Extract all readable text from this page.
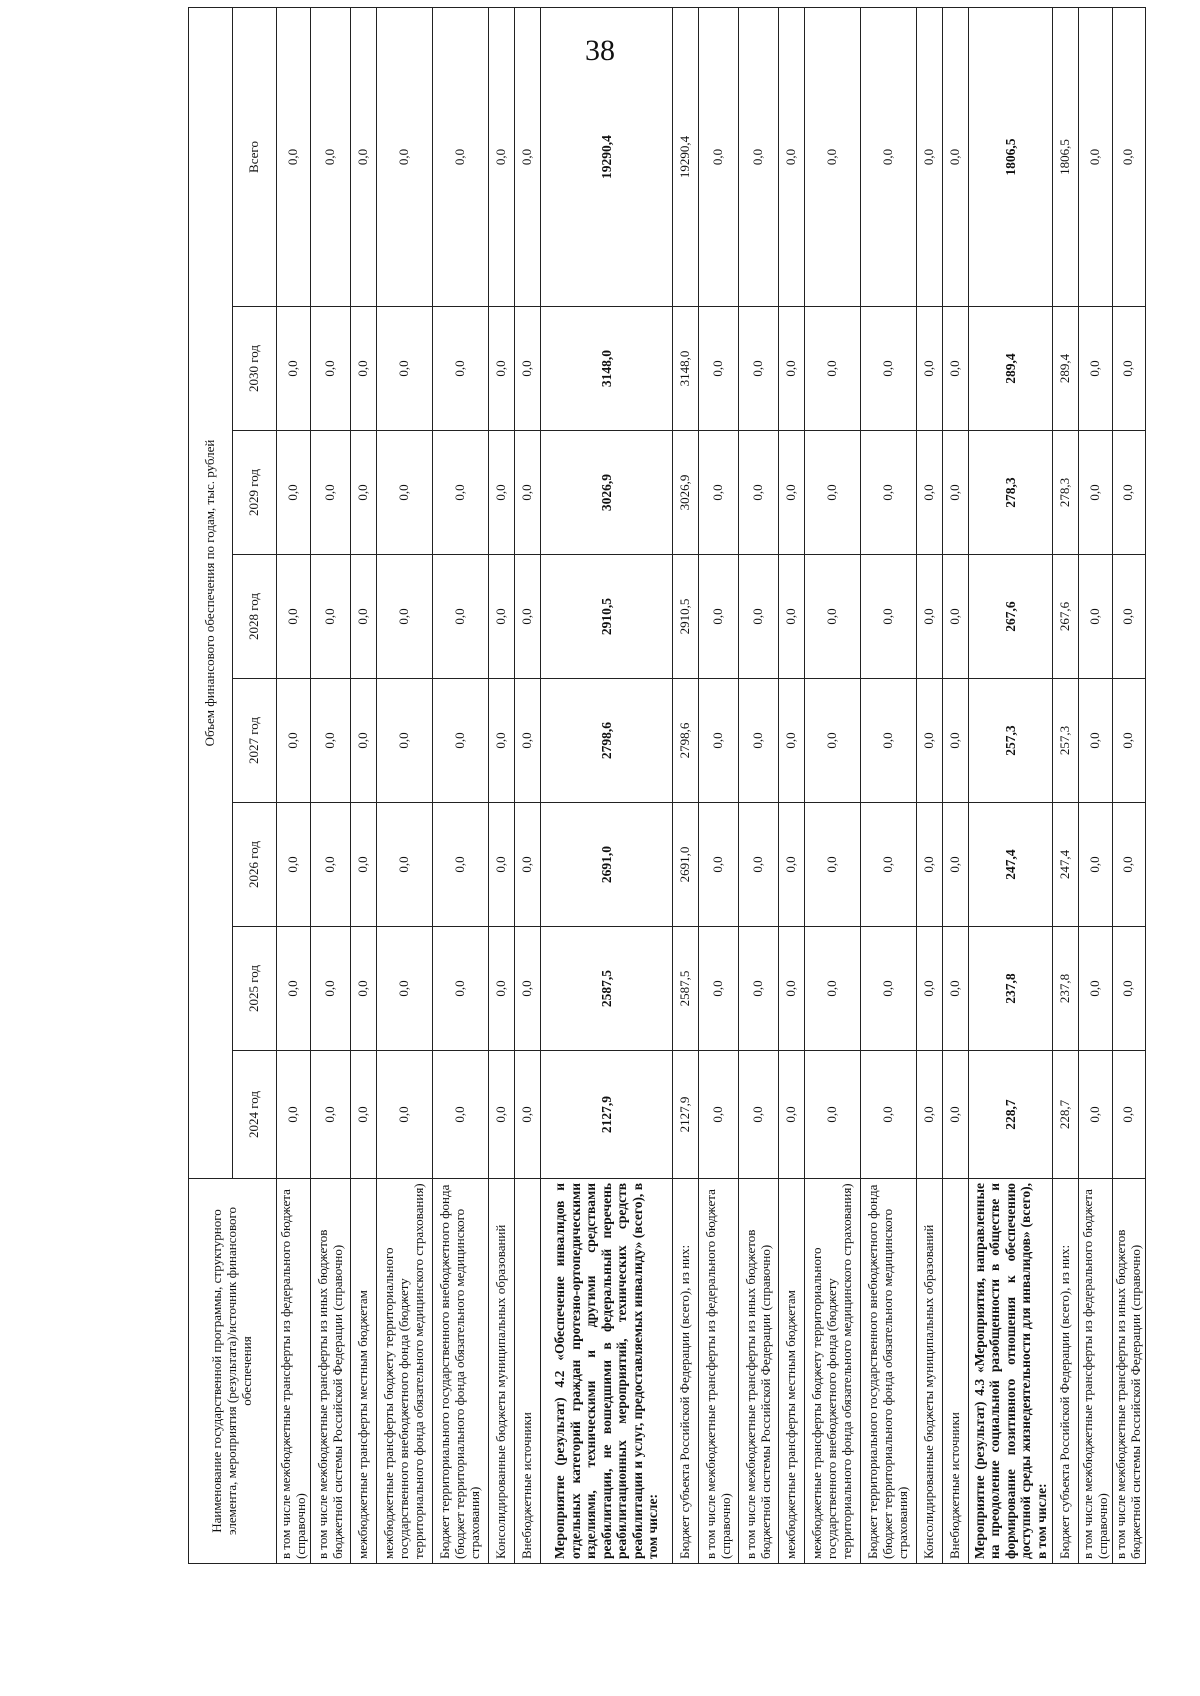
38
Наименование государственной программы, структурного элемента, мероприятия (результата)/источник финансового обеспечения	Объем финансового обеспечения по годам, тыс. рублей							
	2024 год	2025 год	2026 год	2027 год	2028 год	2029 год	2030 год	Всего
в том числе межбюджетные трансферты из федерального бюджета (справочно)	0,0	0,0	0,0	0,0	0,0	0,0	0,0	0,0
в том числе межбюджетные трансферты из иных бюджетов бюджетной системы Российской Федерации (справочно)	0,0	0,0	0,0	0,0	0,0	0,0	0,0	0,0
межбюджетные трансферты местным бюджетам	0,0	0,0	0,0	0,0	0,0	0,0	0,0	0,0
межбюджетные трансферты бюджету территориального государственного внебюджетного фонда (бюджету территориального фонда обязательного медицинского страхования)	0,0	0,0	0,0	0,0	0,0	0,0	0,0	0,0
Бюджет территориального государственного внебюджетного фонда (бюджет территориального фонда обязательного медицинского страхования)	0,0	0,0	0,0	0,0	0,0	0,0	0,0	0,0
Консолидированные бюджеты муниципальных образований	0,0	0,0	0,0	0,0	0,0	0,0	0,0	0,0
Внебюджетные источники	0,0	0,0	0,0	0,0	0,0	0,0	0,0	0,0
Мероприятие (результат) 4.2 «Обеспечение инвалидов и отдельных категорий граждан протезно-ортопедическими изделиями, техническими и другими средствами реабилитации, не вошедшими в федеральный перечень реабилитационных мероприятий, технических средств реабилитации и услуг, предоставляемых инвалиду» (всего), в том числе:	2127,9	2587,5	2691,0	2798,6	2910,5	3026,9	3148,0	19290,4
Бюджет субъекта Российской Федерации (всего), из них:	2127,9	2587,5	2691,0	2798,6	2910,5	3026,9	3148,0	19290,4
в том числе межбюджетные трансферты из федерального бюджета (справочно)	0,0	0,0	0,0	0,0	0,0	0,0	0,0	0,0
в том числе межбюджетные трансферты из иных бюджетов бюджетной системы Российской Федерации (справочно)	0,0	0,0	0,0	0,0	0,0	0,0	0,0	0,0
межбюджетные трансферты местным бюджетам	0,0	0,0	0,0	0,0	0,0	0,0	0,0	0,0
межбюджетные трансферты бюджету территориального государственного внебюджетного фонда (бюджету территориального фонда обязательного медицинского страхования)	0,0	0,0	0,0	0,0	0,0	0,0	0,0	0,0
Бюджет территориального государственного внебюджетного фонда (бюджет территориального фонда обязательного медицинского страхования)	0,0	0,0	0,0	0,0	0,0	0,0	0,0	0,0
Консолидированные бюджеты муниципальных образований	0,0	0,0	0,0	0,0	0,0	0,0	0,0	0,0
Внебюджетные источники	0,0	0,0	0,0	0,0	0,0	0,0	0,0	0,0
Мероприятие (результат) 4.3 «Мероприятия, направленные на преодоление социальной разобщенности в обществе и формирование позитивного отношения к обеспечению доступной среды жизнедеятельности для инвалидов» (всего), в том числе:	228,7	237,8	247,4	257,3	267,6	278,3	289,4	1806,5
Бюджет субъекта Российской Федерации (всего), из них:	228,7	237,8	247,4	257,3	267,6	278,3	289,4	1806,5
в том числе межбюджетные трансферты из федерального бюджета (справочно)	0,0	0,0	0,0	0,0	0,0	0,0	0,0	0,0
в том числе межбюджетные трансферты из иных бюджетов бюджетной системы Российской Федерации (справочно)	0,0	0,0	0,0	0,0	0,0	0,0	0,0	0,0
